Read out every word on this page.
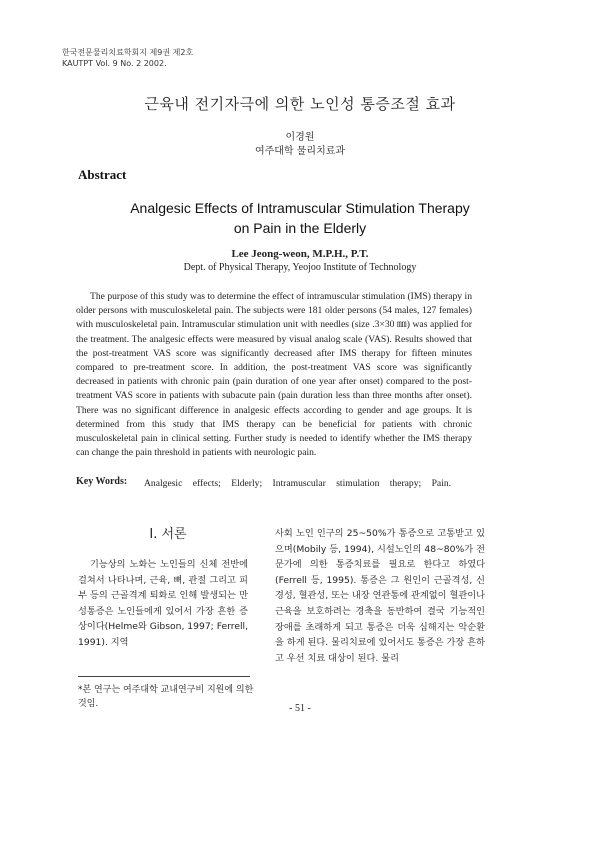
한국전문물리치료학회지 제9권 제2호
KAUTPT Vol. 9 No. 2 2002.
근육내 전기자극에 의한 노인성 통증조절 효과
이경원
여주대학 물리치료과
Abstract
Analgesic Effects of Intramuscular Stimulation Therapy
on Pain in the Elderly
Lee Jeong-weon, M.P.H., P.T.
Dept. of Physical Therapy, Yeojoo Institute of Technology

The purpose of this study was to determine the effect of intramuscular stimulation (IMS) therapy in older persons with musculoskeletal pain. The subjects were 181 older persons (54 males, 127 females) with musculoskeletal pain. Intramuscular stimulation unit with needles (size .3×30 ㎜) was applied for the treatment. The analgesic effects were measured by visual analog scale (VAS). Results showed that the post-treatment VAS score was significantly decreased after IMS therapy for fifteen minutes compared to pre-treatment score. In addition, the post-treatment VAS score was significantly decreased in patients with chronic pain (pain duration of one year after onset) compared to the post-treatment VAS score in patients with subacute pain (pain duration less than three months after onset). There was no significant difference in analgesic effects according to gender and age groups. It is determined from this study that IMS therapy can be beneficial for patients with chronic musculoskeletal pain in clinical setting. Further study is needed to identify whether the IMS therapy can change the pain threshold in patients with neurologic pain.

Key Words: Analgesic effects; Elderly; Intramuscular stimulation therapy; Pain.
Ⅰ. 서론

기능상의 노화는 노인들의 신체 전반에 걸쳐서 나타나며, 근육, 뼈, 관절 그리고 피부 등의 근골격계 퇴화로 인해 발생되는 만성통증은 노인들에게 있어서 가장 흔한 증상이다(Helme와 Gibson, 1997; Ferrell, 1991). 지역

사회 노인 인구의 25~50%가 통증으로 고통받고 있으며(Mobily 등, 1994), 시설노인의 48~80%가 전문가에 의한 통증치료를 필요로 한다고 하였다(Ferrell 등, 1995). 통증은 그 원인이 근골격성, 신경성, 혈관성, 또는 내장 연관통에 관계없이 혈관이나 근육을 보호하려는 경축을 동반하여 결국 기능적인 장애를 초래하게 되고 통증은 더욱 심해지는 악순환을 하게 된다. 물리치료에 있어서도 통증은 가장 흔하고 우선 치료 대상이 된다. 물리

*본 연구는 여주대학 교내연구비 지원에 의한 것임.	- 51 -
